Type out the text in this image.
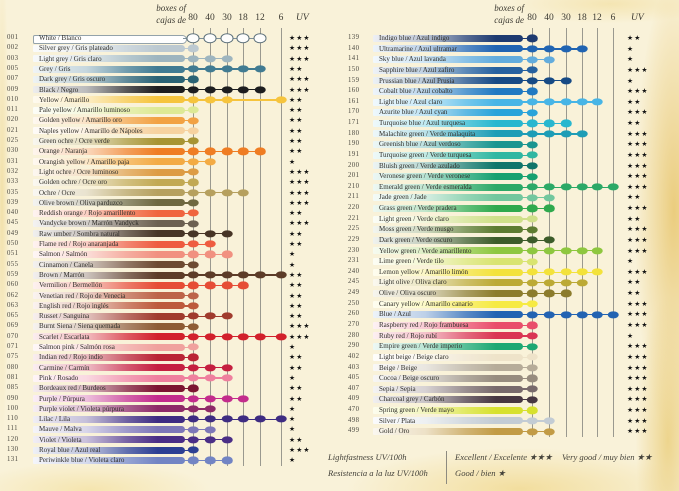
boxes of
cajas de 80 40 30 18 12 6 UV
001	White / Blanco	★★★
002	Silver grey / Gris plateado	★★★
003	Light grey / Gris claro	★★★
005	Grey / Gris	★★
007	Dark grey / Gris oscuro	★★★
009	Black / Negro	★★★
010	Yellow / Amarillo	★★
011	Pale yellow / Amarillo luminoso	★★
020	Golden yellow / Amarillo oro	★★
021	Naples yellow / Amarillo de Nápoles	★★
025	Green ochre / Ocre verde	★★
030	Orange / Naranja	★★
031	Orangish yellow / Amarillo paja	★
032	Light ochre / Ocre luminoso	★★★
033	Golden ochre / Ocre oro	★★★
035	Ochre / Ocre	★★★
039	Olive brown / Oliva parduzco	★★★
040	Reddish orange / Rojo amarillento	★★
045	Vandycke brown / Marrón Vandyck	★★★
049	Raw umber / Sombra natural	★★
050	Flame red / Rojo anaranjada	★★
051	Salmon / Salmón	★
055	Cinnamon / Canela	★
059	Brown / Marrón	★★
060	Vermilion / Bermellón	★★
062	Venetian red / Rojo de Venecia	★★
063	English red / Rojo inglés	★★
065	Russet / Sanguina	★★
069	Burnt Siena / Siena quemada	★★★
070	Scarlet / Escarlata	★★★
071	Salmon pink / Salmón rosa	★
075	Indian red / Rojo indio	★★
080	Carmine / Carmín	★★
081	Pink / Rosado	★
085	Bordeaux red / Burdeos	★★
090	Purple / Púrpura	★★
100	Purple violet / Violeta púrpura	★
110	Lilac / Lila	★
111	Mauve / Malva	★
120	Violet / Violeta	★★
130	Royal blue / Azul real	★★★
131	Periwinkle blue / Violeta claro	★
boxes of
cajas de 80 40 30 18 12 6 UV
139	Indigo blue / Azul indigo	★★
140	Ultramarine / Azul ultramar	★
141	Sky blue / Azul lavanda	★
150	Sapphire blue / Azul zafiro	★★★
159	Prussian blue / Azul Prusia	★
160	Cobalt blue / Azul cobalto	★★★
161	Light blue / Azul claro	★★
170	Azurite blue / Azul cyan	★★★
171	Turquoise blue / Azul turquesa	★★
180	Malachite green / Verde malaquita	★★★
190	Greenish blue / Azul verdoso	★★★
191	Turquoise green / Verde turquesa	★★★
200	Bluish green / Verde azulado	★★★
201	Veronese green / Verde veronese	★★★
210	Emerald green / Verde esmeralda	★★★
211	Jade green / Jade	★★
220	Grass green / Verde pradera	★★★
221	Light green / Verde claro	★★
225	Moss green / Verde musgo	★★★
229	Dark green / Verde oscuro	★★★
230	Yellow green / Verde amarillento	★★★
231	Lime green / Verde tilo	★
240	Lemon yellow / Amarillo limón	★★★
245	Light olive / Oliva claro	★★
249	Olive / Oliva oscuro	★★
250	Canary yellow / Amarillo canario	★★★
260	Blue / Azul	★★★
270	Raspberry red / Rojo frambuesa	★★★
280	Ruby red / Rojo rubí	★
290	Empire green / Verde imperio	★★★
402	Light beige / Beige claro	★★★
403	Beige / Beige	★★★
405	Cocoa / Beige oscuro	★★★
407	Sepia / Sepia	★★★
409	Charcoal grey / Carbón	★★★
470	Spring green / Verde mayo	★★★
498	Silver / Plata	★★★
499	Gold / Oro	★★★
Lightfastness UV/100h
Resistencia a la luz UV/100h
Excellent / Excelente ★★★ Very good / muy bien ★★
Good / bien ★
